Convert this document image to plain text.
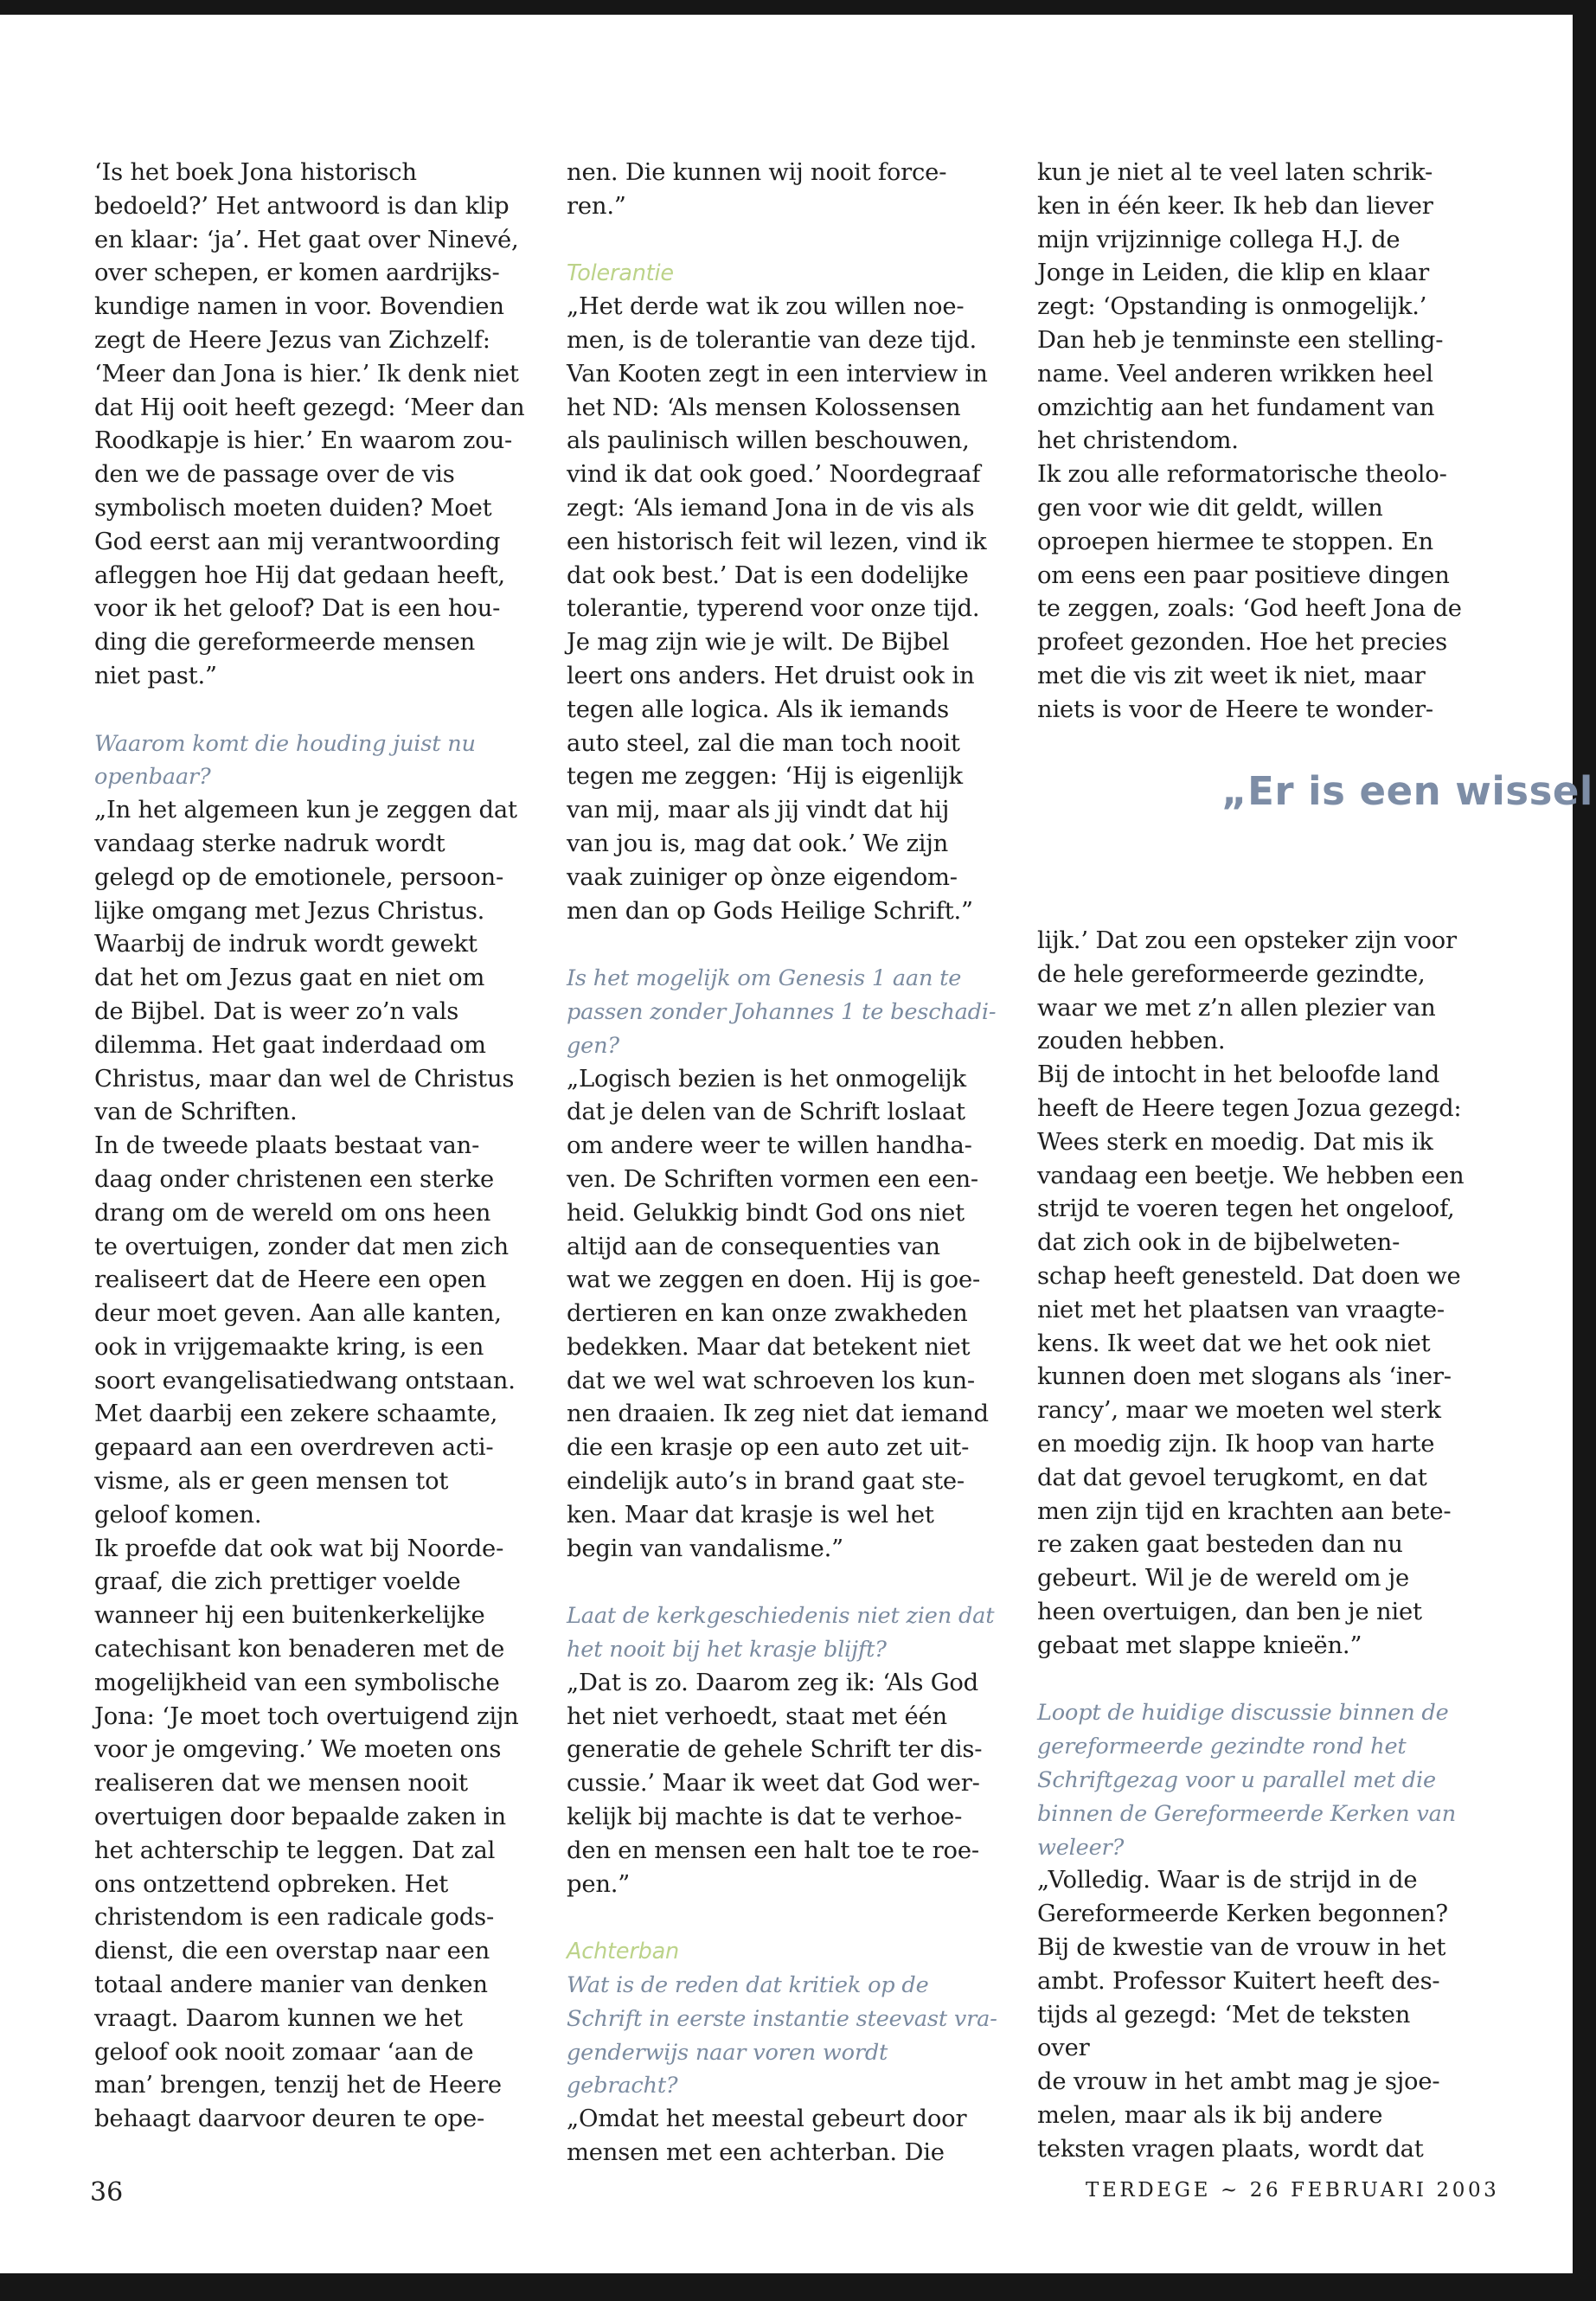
‘Is het boek Jona historisch

bedoeld?’ Het antwoord is dan klip

en klaar: ‘ja’. Het gaat over Ninevé,

over schepen, er komen aardrijks-

kundige namen in voor. Bovendien

zegt de Heere Jezus van Zichzelf:

‘Meer dan Jona is hier.’ Ik denk niet

dat Hij ooit heeft gezegd: ‘Meer dan

Roodkapje is hier.’ En waarom zou-

den we de passage over de vis

symbolisch moeten duiden? Moet

God eerst aan mij verantwoording

afleggen hoe Hij dat gedaan heeft,

voor ik het geloof? Dat is een hou-

ding die gereformeerde mensen

niet past.”

Waarom komt die houding juist nu

openbaar?

„In het algemeen kun je zeggen dat

vandaag sterke nadruk wordt

gelegd op de emotionele, persoon-

lijke omgang met Jezus Christus.

Waarbij de indruk wordt gewekt

dat het om Jezus gaat en niet om

de Bijbel. Dat is weer zo’n vals

dilemma. Het gaat inderdaad om

Christus, maar dan wel de Christus

van de Schriften.

In de tweede plaats bestaat van-

daag onder christenen een sterke

drang om de wereld om ons heen

te overtuigen, zonder dat men zich

realiseert dat de Heere een open

deur moet geven. Aan alle kanten,

ook in vrijgemaakte kring, is een

soort evangelisatiedwang ontstaan.

Met daarbij een zekere schaamte,

gepaard aan een overdreven acti-

visme, als er geen mensen tot

geloof komen.

Ik proefde dat ook wat bij Noorde-

graaf, die zich prettiger voelde

wanneer hij een buitenkerkelijke

catechisant kon benaderen met de

mogelijkheid van een symbolische

Jona: ‘Je moet toch overtuigend zijn

voor je omgeving.’ We moeten ons

realiseren dat we mensen nooit

overtuigen door bepaalde zaken in

het achterschip te leggen. Dat zal

ons ontzettend opbreken. Het

christendom is een radicale gods-

dienst, die een overstap naar een

totaal andere manier van denken

vraagt. Daarom kunnen we het

geloof ook nooit zomaar ‘aan de

man’ brengen, tenzij het de Heere

behaagt daarvoor deuren te ope-

nen. Die kunnen wij nooit force-

ren.”

Tolerantie

„Het derde wat ik zou willen noe-

men, is de tolerantie van deze tijd.

Van Kooten zegt in een interview in

het ND: ‘Als mensen Kolossensen

als paulinisch willen beschouwen,

vind ik dat ook goed.’ Noordegraaf

zegt: ‘Als iemand Jona in de vis als

een historisch feit wil lezen, vind ik

dat ook best.’ Dat is een dodelijke

tolerantie, typerend voor onze tijd.

Je mag zijn wie je wilt. De Bijbel

leert ons anders. Het druist ook in

tegen alle logica. Als ik iemands

auto steel, zal die man toch nooit

tegen me zeggen: ‘Hij is eigenlijk

van mij, maar als jij vindt dat hij

van jou is, mag dat ook.’ We zijn

vaak zuiniger op ònze eigendom-

men dan op Gods Heilige Schrift.”

Is het mogelijk om Genesis 1 aan te

passen zonder Johannes 1 te beschadi-

gen?

„Logisch bezien is het onmogelijk

dat je delen van de Schrift loslaat

om andere weer te willen handha-

ven. De Schriften vormen een een-

heid. Gelukkig bindt God ons niet

altijd aan de consequenties van

wat we zeggen en doen. Hij is goe-

dertieren en kan onze zwakheden

bedekken. Maar dat betekent niet

dat we wel wat schroeven los kun-

nen draaien. Ik zeg niet dat iemand

die een krasje op een auto zet uit-

eindelijk auto’s in brand gaat ste-

ken. Maar dat krasje is wel het

begin van vandalisme.”

Laat de kerkgeschiedenis niet zien dat

het nooit bij het krasje blijft?

„Dat is zo. Daarom zeg ik: ‘Als God

het niet verhoedt, staat met één

generatie de gehele Schrift ter dis-

cussie.’ Maar ik weet dat God wer-

kelijk bij machte is dat te verhoe-

den en mensen een halt toe te roe-

pen.”

Achterban

Wat is de reden dat kritiek op de

Schrift in eerste instantie steevast vra-

genderwijs naar voren wordt gebracht?

„Omdat het meestal gebeurt door

mensen met een achterban. Die

kun je niet al te veel laten schrik-

ken in één keer. Ik heb dan liever

mijn vrijzinnige collega H.J. de

Jonge in Leiden, die klip en klaar

zegt: ‘Opstanding is onmogelijk.’

Dan heb je tenminste een stelling-

name. Veel anderen wrikken heel

omzichtig aan het fundament van

het christendom.

Ik zou alle reformatorische theolo-

gen voor wie dit geldt, willen

oproepen hiermee te stoppen. En

om eens een paar positieve dingen

te zeggen, zoals: ‘God heeft Jona de

profeet gezonden. Hoe het precies

met die vis zit weet ik niet, maar

niets is voor de Heere te wonder-

„Er is een wissel

lijk.’ Dat zou een opsteker zijn voor

de hele gereformeerde gezindte,

waar we met z’n allen plezier van

zouden hebben.

Bij de intocht in het beloofde land

heeft de Heere tegen Jozua gezegd:

Wees sterk en moedig. Dat mis ik

vandaag een beetje. We hebben een

strijd te voeren tegen het ongeloof,

dat zich ook in de bijbelweten-

schap heeft genesteld. Dat doen we

niet met het plaatsen van vraagte-

kens. Ik weet dat we het ook niet

kunnen doen met slogans als ‘iner-

rancy’, maar we moeten wel sterk

en moedig zijn. Ik hoop van harte

dat dat gevoel terugkomt, en dat

men zijn tijd en krachten aan bete-

re zaken gaat besteden dan nu

gebeurt. Wil je de wereld om je

heen overtuigen, dan ben je niet

gebaat met slappe knieën.”

Loopt de huidige discussie binnen de

gereformeerde gezindte rond het

Schriftgezag voor u parallel met die

binnen de Gereformeerde Kerken van

weleer?

„Volledig. Waar is de strijd in de

Gereformeerde Kerken begonnen?

Bij de kwestie van de vrouw in het

ambt. Professor Kuitert heeft des-

tijds al gezegd: ‘Met de teksten over

de vrouw in het ambt mag je sjoe-

melen, maar als ik bij andere

teksten vragen plaats, wordt dat

36	TERDEGE ~ 26 FEBRUARI 2003
